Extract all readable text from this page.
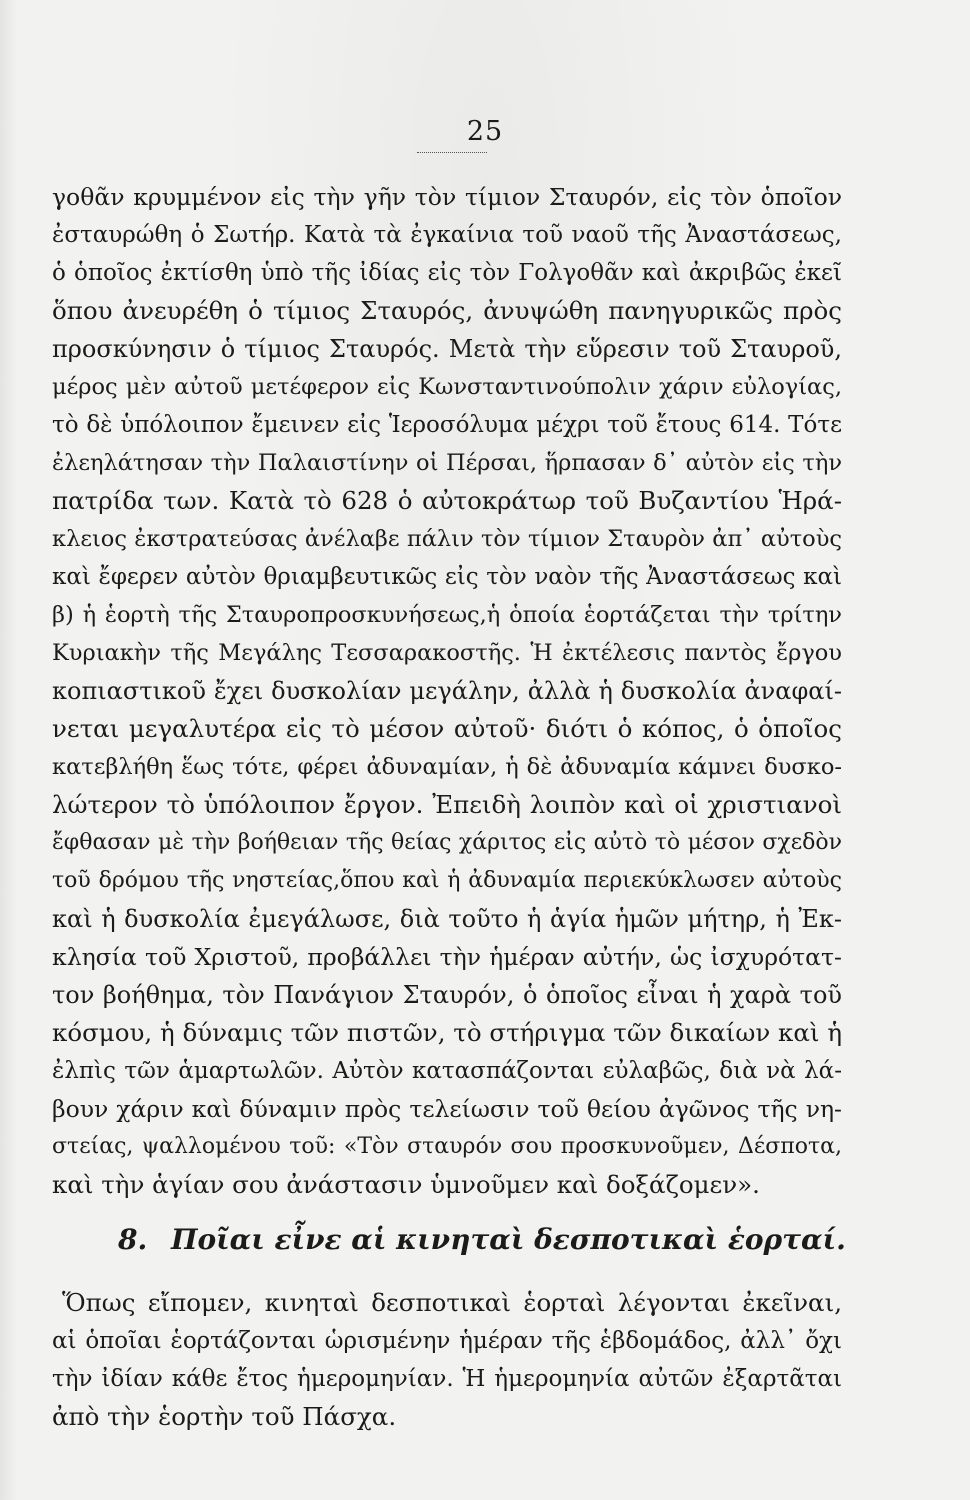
25
γοθᾶν κρυμμένον εἰς τὴν γῆν τὸν τίμιον Σταυρόν, εἰς τὸν ὁποῖον
ἐσταυρώθη ὁ Σωτήρ. Κατὰ τὰ ἐγκαίνια τοῦ ναοῦ τῆς Ἀναστάσεως,
ὁ ὁποῖος ἐκτίσθη ὑπὸ τῆς ἰδίας εἰς τὸν Γολγοθᾶν καὶ ἀκριβῶς ἐκεῖ
ὅπου ἀνευρέθη ὁ τίμιος Σταυρός, ἀνυψώθη πανηγυρικῶς πρὸς
προσκύνησιν ὁ τίμιος Σταυρός. Μετὰ τὴν εὕρεσιν τοῦ Σταυροῦ,
μέρος μὲν αὐτοῦ μετέφερον εἰς Κωνσταντινούπολιν χάριν εὐλογίας,
τὸ δὲ ὑπόλοιπον ἔμεινεν εἰς Ἱεροσόλυμα μέχρι τοῦ ἔτους 614. Τότε
ἐλεηλάτησαν τὴν Παλαιστίνην οἱ Πέρσαι, ἥρπασαν δ᾽ αὐτὸν εἰς τὴν
πατρίδα των. Κατὰ τὸ 628 ὁ αὐτοκράτωρ τοῦ Βυζαντίου Ἡρά-
κλειος ἐκστρατεύσας ἀνέλαβε πάλιν τὸν τίμιον Σταυρὸν ἀπ᾽ αὐτοὺς
καὶ ἔφερεν αὐτὸν θριαμβευτικῶς εἰς τὸν ναὸν τῆς Ἀναστάσεως καὶ
β) ἡ ἑορτὴ τῆς Σταυροπροσκυνήσεως,ἡ ὁποία ἑορτάζεται τὴν τρίτην
Κυριακὴν τῆς Μεγάλης Τεσσαρακοστῆς. Ἡ ἐκτέλεσις παντὸς ἔργου
κοπιαστικοῦ ἔχει δυσκολίαν μεγάλην, ἀλλὰ ἡ δυσκολία ἀναφαί-
νεται μεγαλυτέρα εἰς τὸ μέσον αὐτοῦ· διότι ὁ κόπος, ὁ ὁποῖος
κατεβλήθη ἕως τότε, φέρει ἀδυναμίαν, ἡ δὲ ἀδυναμία κάμνει δυσκο-
λώτερον τὸ ὑπόλοιπον ἔργον. Ἐπειδὴ λοιπὸν καὶ οἱ χριστιανοὶ
ἔφθασαν μὲ τὴν βοήθειαν τῆς θείας χάριτος εἰς αὐτὸ τὸ μέσον σχεδὸν
τοῦ δρόμου τῆς νηστείας,ὅπου καὶ ἡ ἀδυναμία περιεκύκλωσεν αὐτοὺς
καὶ ἡ δυσκολία ἐμεγάλωσε, διὰ τοῦτο ἡ ἁγία ἡμῶν μήτηρ, ἡ Ἐκ-
κλησία τοῦ Χριστοῦ, προβάλλει τὴν ἡμέραν αὐτήν, ὡς ἰσχυρότατ-
τον βοήθημα, τὸν Πανάγιον Σταυρόν, ὁ ὁποῖος εἶναι ἡ χαρὰ τοῦ
κόσμου, ἡ δύναμις τῶν πιστῶν, τὸ στήριγμα τῶν δικαίων καὶ ἡ
ἐλπὶς τῶν ἁμαρτωλῶν. Αὐτὸν κατασπάζονται εὐλαβῶς, διὰ νὰ λά-
βουν χάριν καὶ δύναμιν πρὸς τελείωσιν τοῦ θείου ἀγῶνος τῆς νη-
στείας, ψαλλομένου τοῦ: «Τὸν σταυρόν σου προσκυνοῦμεν, Δέσποτα,
καὶ τὴν ἁγίαν σου ἀνάστασιν ὑμνοῦμεν καὶ δοξάζομεν».
8. Ποῖαι εἶνε αἱ κινηταὶ δεσποτικαὶ ἑορταί.
Ὅπως εἴπομεν, κινηταὶ δεσποτικαὶ ἑορταὶ λέγονται ἐκεῖναι,
αἱ ὁποῖαι ἑορτάζονται ὡρισμένην ἡμέραν τῆς ἑβδομάδος, ἀλλ᾽ ὄχι
τὴν ἰδίαν κάθε ἔτος ἡμερομηνίαν. Ἡ ἡμερομηνία αὐτῶν ἐξαρτᾶται
ἀπὸ τὴν ἑορτὴν τοῦ Πάσχα.
